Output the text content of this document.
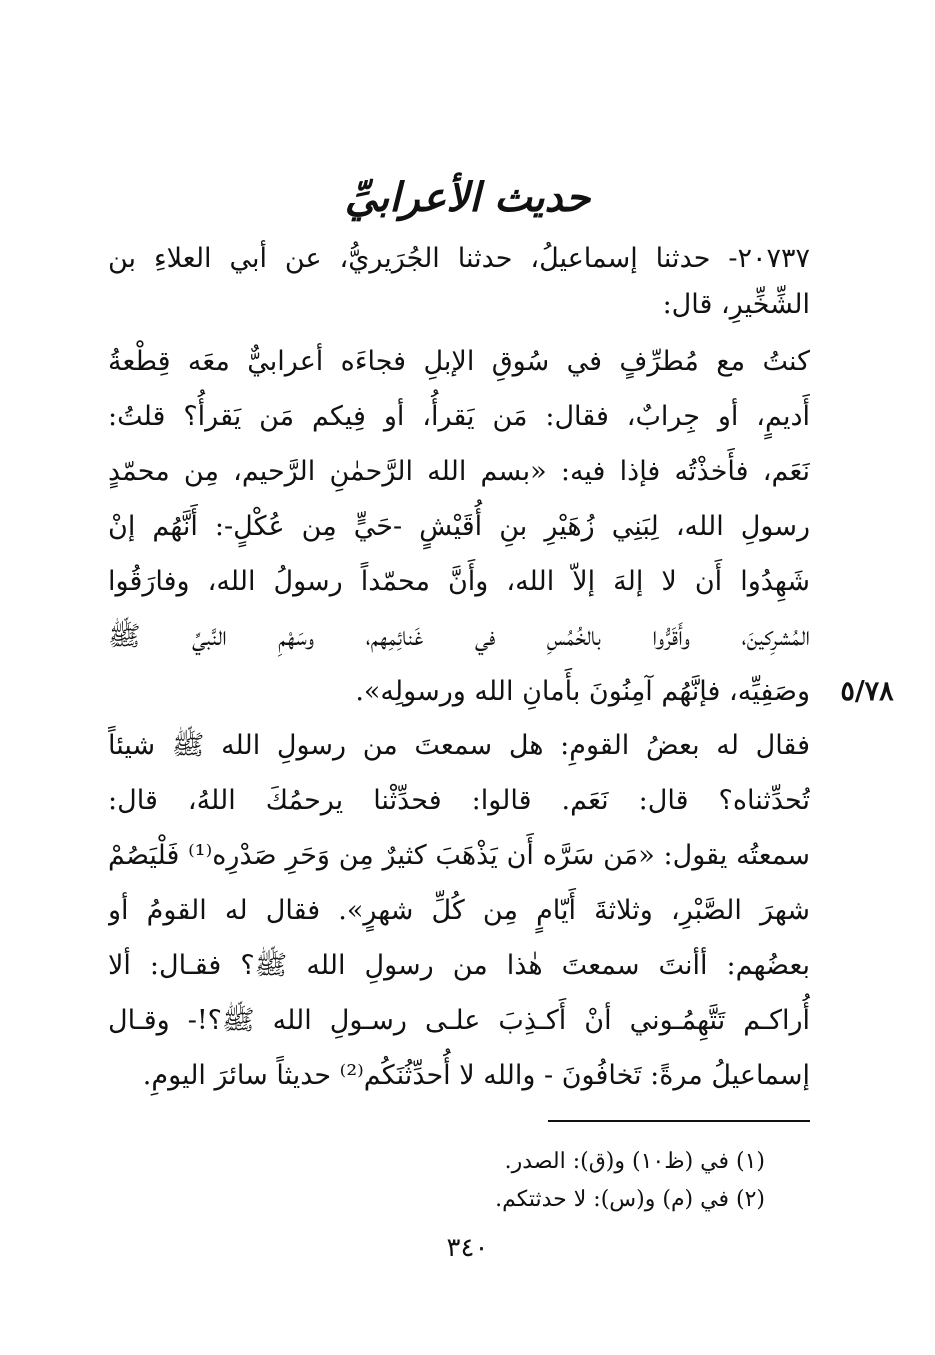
حديث الأعرابيِّ
٢٠٧٣٧- حدثنا إسماعيلُ، حدثنا الجُرَيريُّ، عن أبي العلاءِ بن
الشِّخِّيرِ، قال:
كنتُ مع مُطرِّفٍ في سُوقِ الإبلِ فجاءَه أعرابيٌّ معَه قِطْعةُ
أَديمٍ، أو جِرابٌ، فقال: مَن يَقرأُ، أو فِيكم مَن يَقرأُ؟ قلتُ:
نَعَم، فأَخذْتُه فإذا فيه: «بسم الله الرَّحمٰنِ الرَّحيم، مِن محمّدٍ
رسولِ الله، لِبَنِي زُهَيْرِ بنِ أُقَيْشٍ -حَيٍّ مِن عُكْلٍ-: أَنَّهُم إنْ
شَهِدُوا أَن لا إلهَ إلاّ الله، وأَنَّ محمّداً رسولُ الله، وفارَقُوا
المُشرِكينَ، وأَقَرُّوا بالخُمُسِ في غَنائِمِهم، وسَهْمِ النَّبيِّ ﷺ
وصَفِيِّه، فإنَّهُم آمِنُونَ بأَمانِ الله ورسولِه».	٥/٧٨
فقال له بعضُ القومِ: هل سمعتَ من رسولِ الله ﷺ شيئاً
تُحدِّثناه؟ قال: نَعَم. قالوا: فحدِّثْنا يرحمُكَ اللهُ، قال:
سمعتُه يقول: «مَن سَرَّه أَن يَذْهَبَ كثيرٌ مِن وَحَرِ صَدْرِه⁽¹⁾ فَلْيَصُمْ
شهرَ الصَّبْرِ، وثلاثةَ أَيّامٍ مِن كُلِّ شهرٍ». فقال له القومُ أو
بعضُهم: أأنتَ سمعتَ هٰذا من رسولِ الله ﷺ؟ فقـال: ألا
أُراكـم تَتَّهِمُـوني أنْ أَكـذِبَ علـى رسـولِ الله ﷺ؟!- وقـال
إسماعيلُ مرةً: تَخافُونَ - والله لا أُحدِّثُنَكُم⁽²⁾ حديثاً سائرَ اليومِ.
(١) في (ظ١٠) و(ق): الصدر.
(٢) في (م) و(س): لا حدثتكم.
٣٤٠
